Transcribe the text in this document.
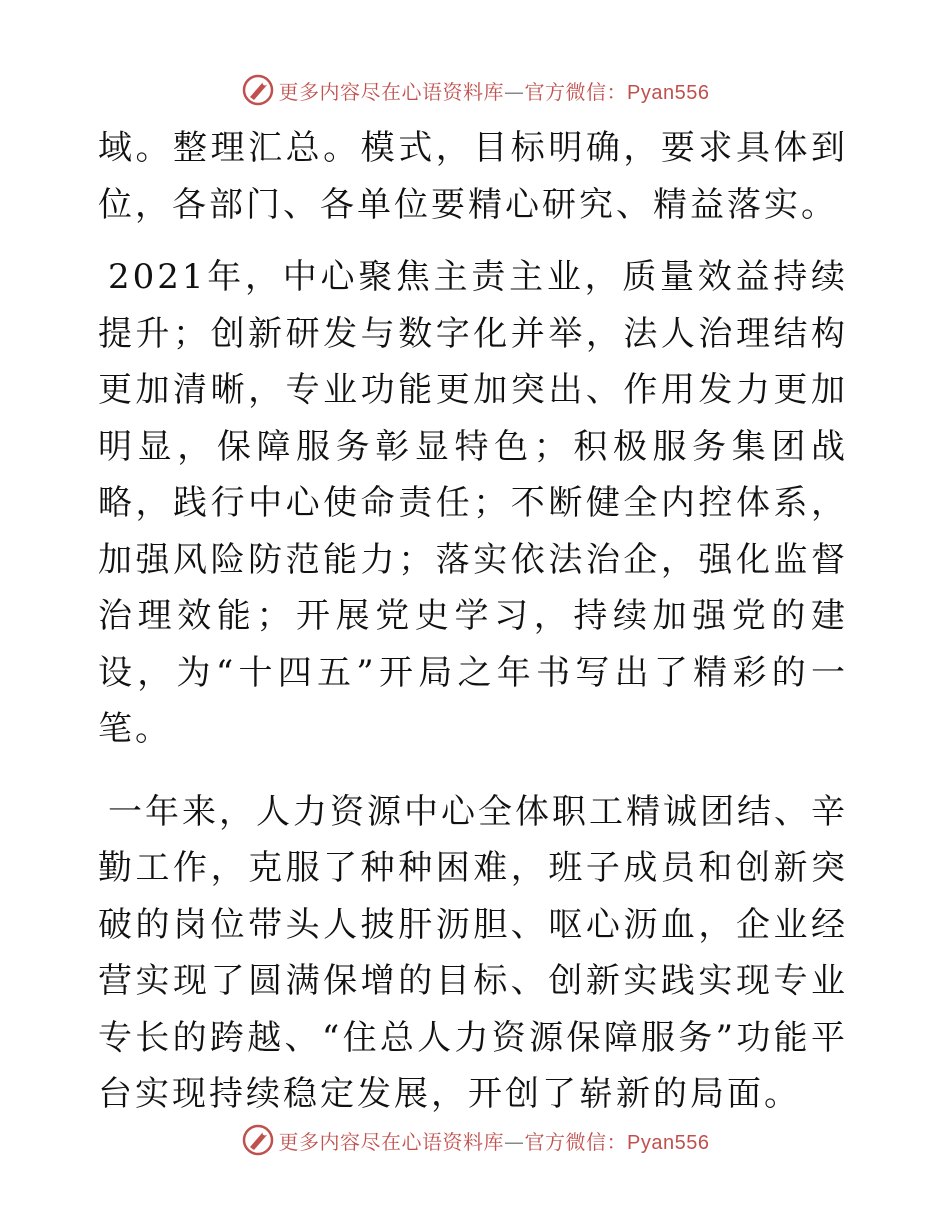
更多内容尽在心语资料库—官方微信：Pyan556

域。整理汇总。模式，目标明确，要求具体到位，各部门、各单位要精心研究、精益落实。

2021年，中心聚焦主责主业，质量效益持续提升；创新研发与数字化并举，法人治理结构更加清晰，专业功能更加突出、作用发力更加明显，保障服务彰显特色；积极服务集团战略，践行中心使命责任；不断健全内控体系，加强风险防范能力；落实依法治企，强化监督治理效能；开展党史学习，持续加强党的建设，为“十四五”开局之年书写出了精彩的一笔。

一年来，人力资源中心全体职工精诚团结、辛勤工作，克服了种种困难，班子成员和创新突破的岗位带头人披肝沥胆、呕心沥血，企业经营实现了圆满保增的目标、创新实践实现专业专长的跨越、“住总人力资源保障服务”功能平台实现持续稳定发展，开创了崭新的局面。

更多内容尽在心语资料库—官方微信：Pyan556
